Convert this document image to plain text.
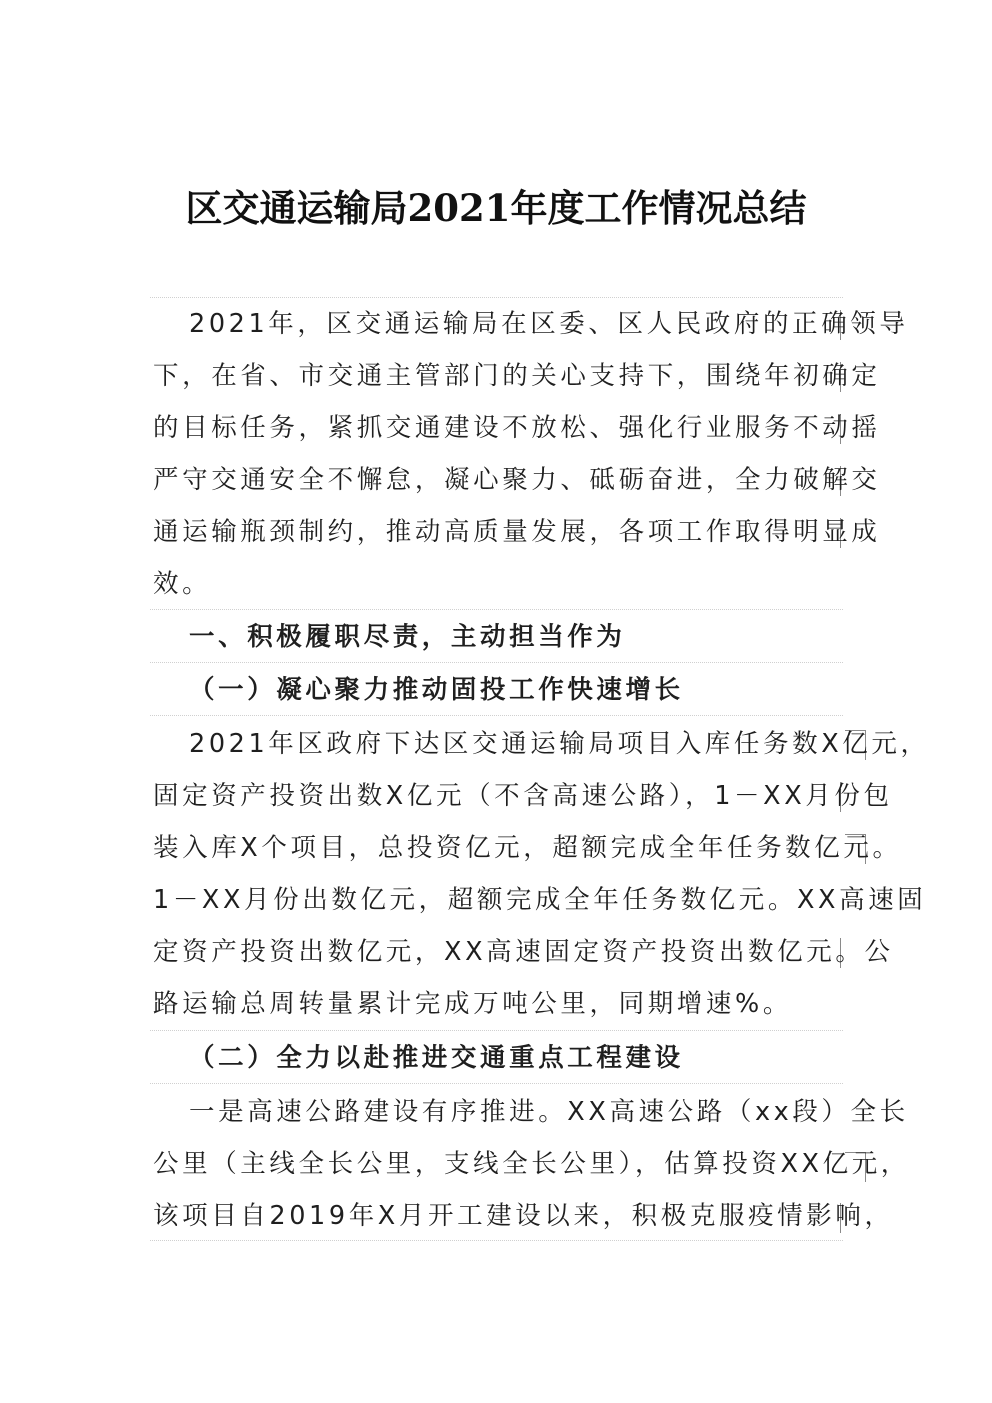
区交通运输局2021年度工作情况总结
2021年，区交通运输局在区委、区人民政府的正确领导
下，在省、市交通主管部门的关心支持下，围绕年初确定
的目标任务，紧抓交通建设不放松、强化行业服务不动摇
严守交通安全不懈怠，凝心聚力、砥砺奋进，全力破解交
通运输瓶颈制约，推动高质量发展，各项工作取得明显成
效。
一、积极履职尽责，主动担当作为
（一）凝心聚力推动固投工作快速增长
2021年区政府下达区交通运输局项目入库任务数X亿元，
固定资产投资出数X亿元（不含高速公路），1－XX月份包
装入库X个项目，总投资亿元，超额完成全年任务数亿元。
1－XX月份出数亿元，超额完成全年任务数亿元。XX高速固
定资产投资出数亿元，XX高速固定资产投资出数亿元。公
路运输总周转量累计完成万吨公里，同期增速%。
（二）全力以赴推进交通重点工程建设
一是高速公路建设有序推进。XX高速公路（xx段）全长
公里（主线全长公里，支线全长公里），估算投资XX亿元，
该项目自2019年X月开工建设以来，积极克服疫情影响，
